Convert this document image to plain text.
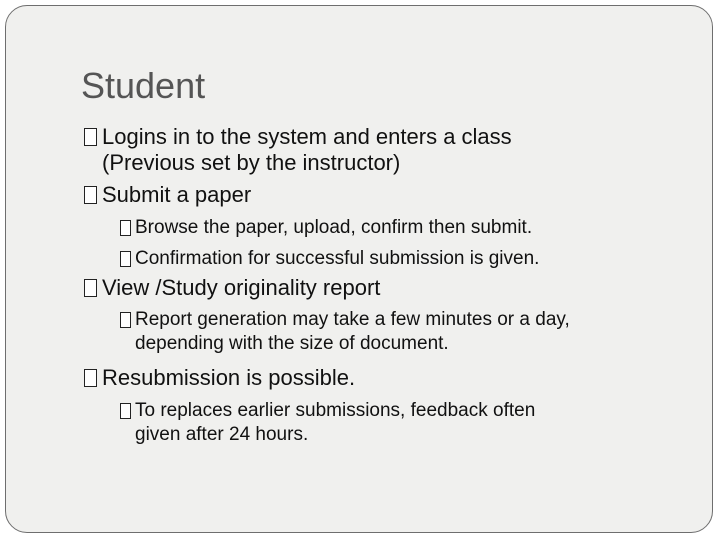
Student
Logins in to the system and enters a class
(Previous set by the instructor)
Submit a paper
Browse the paper, upload, confirm then submit.
Confirmation for successful submission is given.
View /Study originality report
Report generation may take a few minutes or a day,
depending with the size of document.
Resubmission is possible.
To replaces earlier submissions, feedback often
given after 24 hours.
